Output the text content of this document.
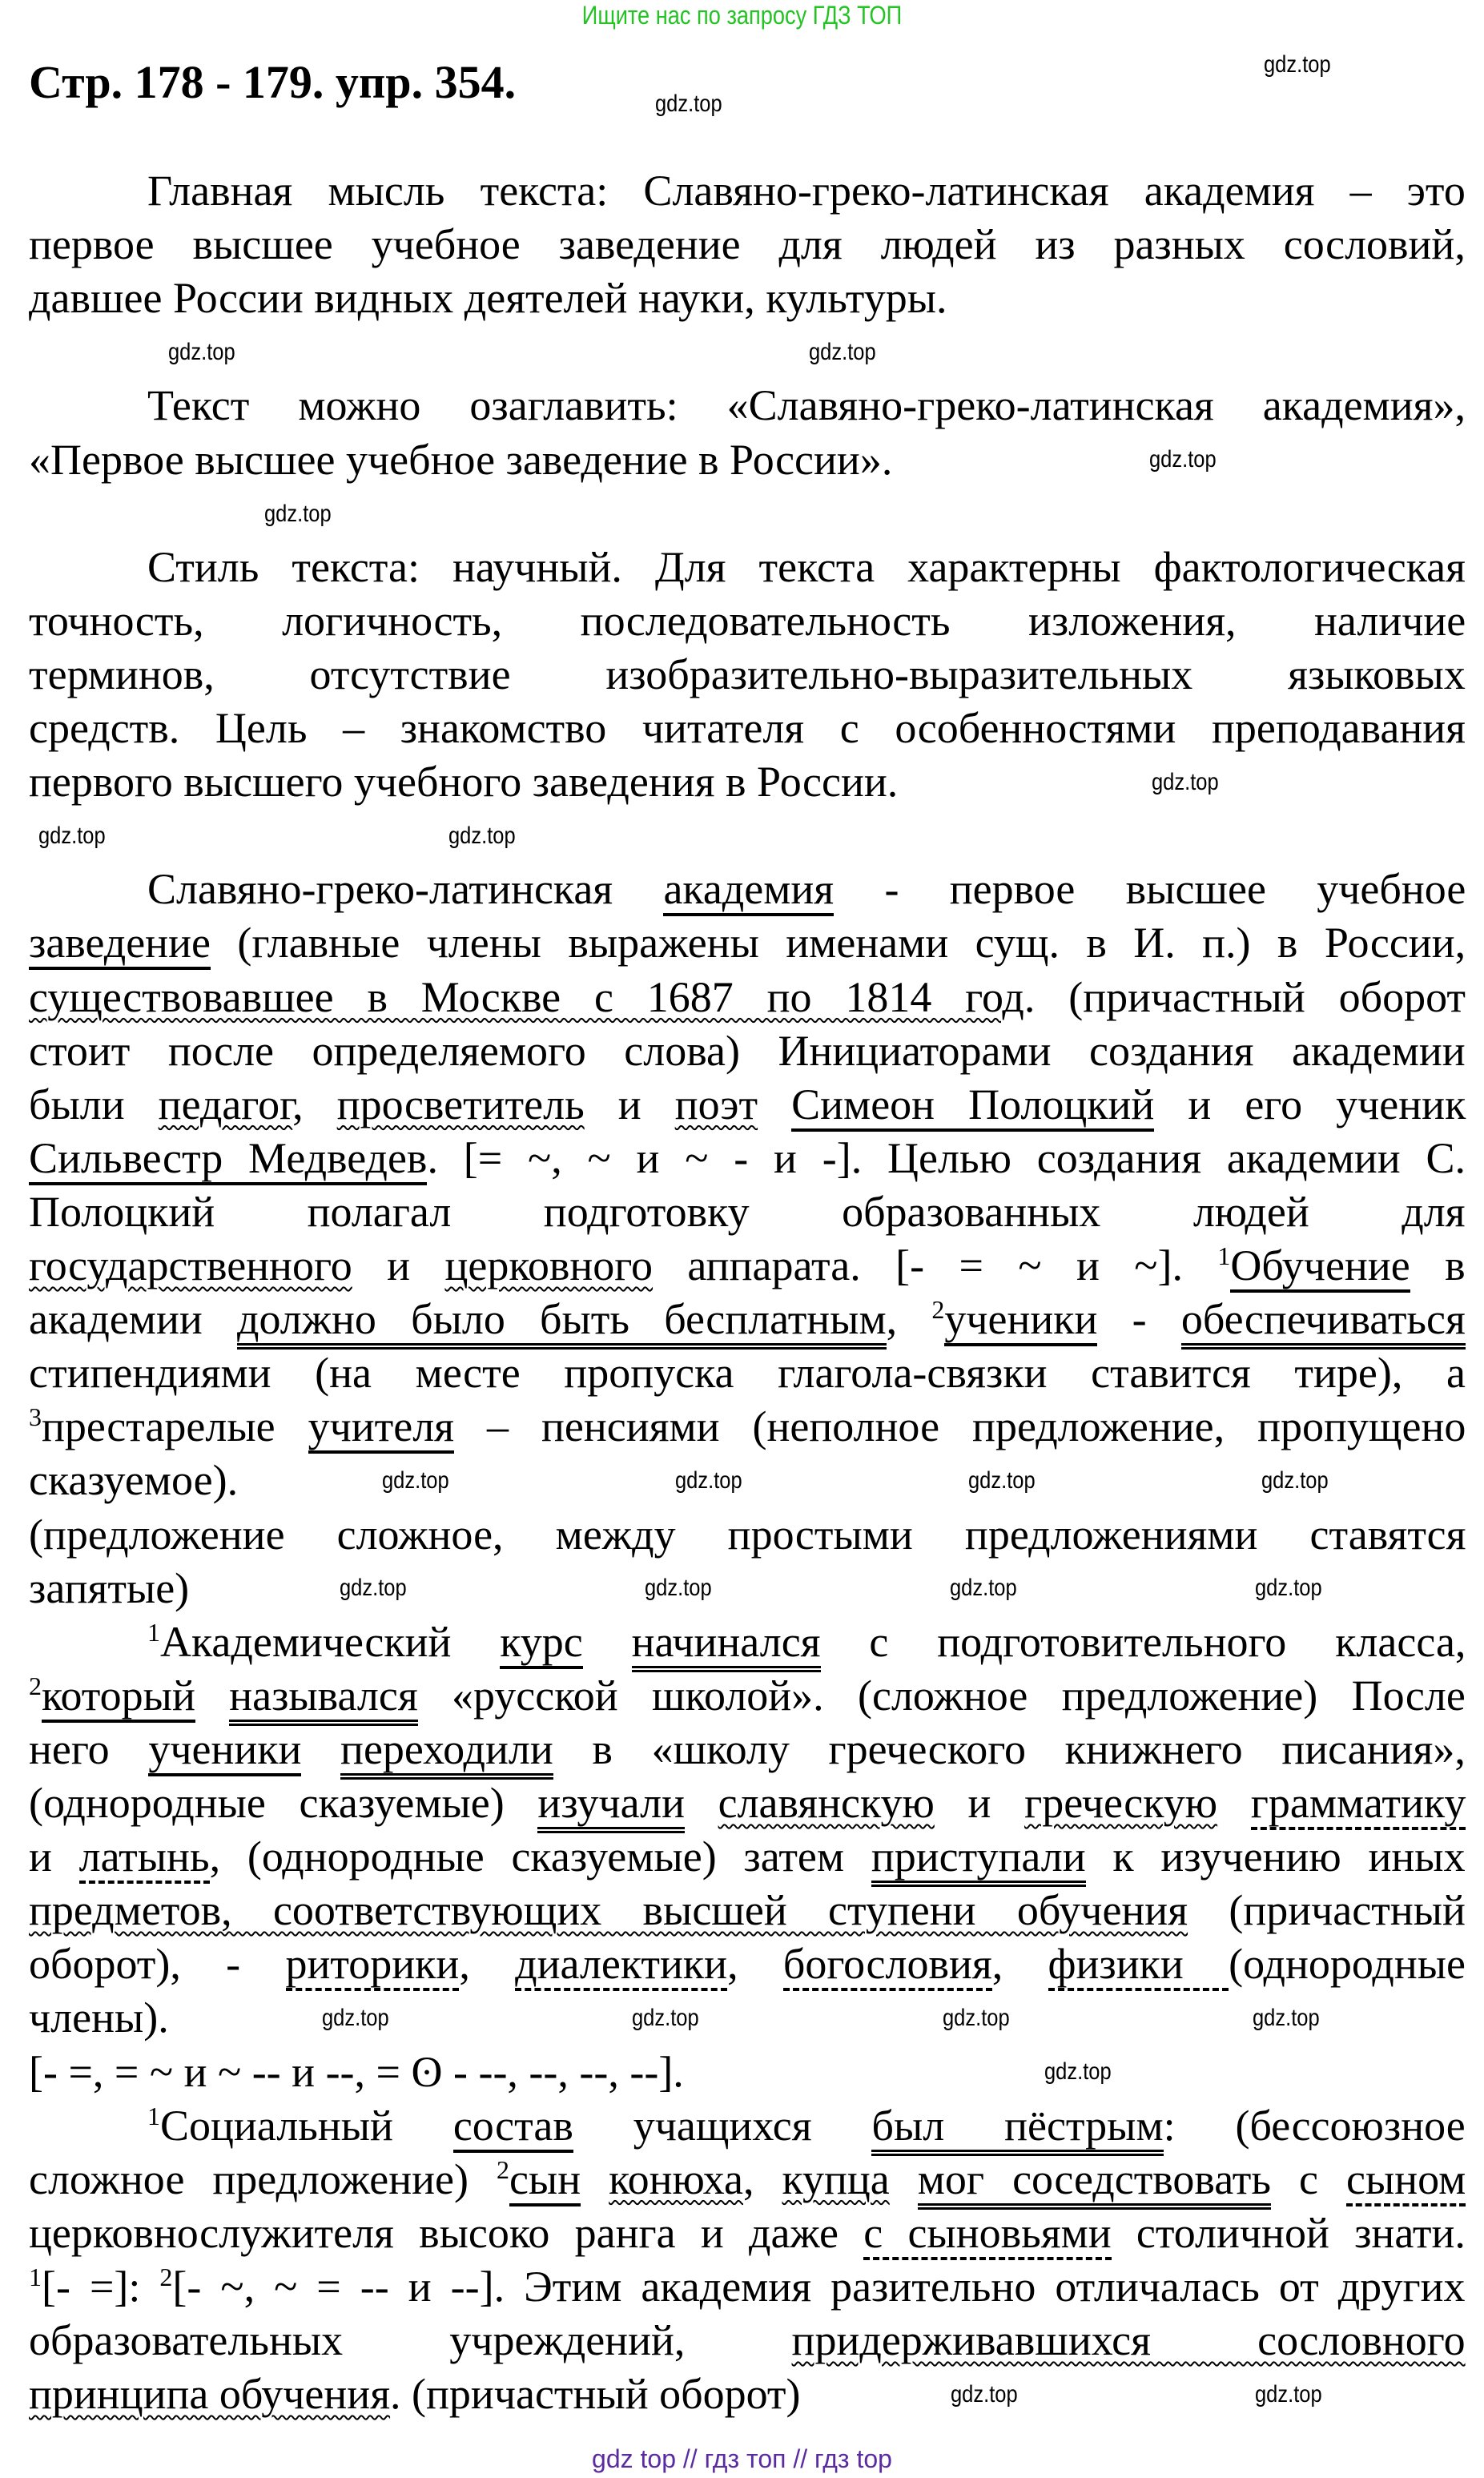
Ищите нас по запросу ГДЗ ТОП
Стр. 178 - 179. упр. 354.
Главная мысль текста: Славяно-греко-латинская академия – это
первое высшее учебное заведение для людей из разных сословий,
давшее России видных деятелей науки, культуры.
Текст можно озаглавить: «Славяно-греко-латинская академия»,
«Первое высшее учебное заведение в России».
Стиль текста: научный. Для текста характерны фактологическая
точность, логичность, последовательность изложения, наличие
терминов, отсутствие изобразительно-выразительных языковых
средств. Цель – знакомство читателя с особенностями преподавания
первого высшего учебного заведения в России.
Славяно-греко-латинская академия - первое высшее учебное
заведение (главные члены выражены именами сущ. в И. п.) в России,
существовавшее в Москве с 1687 по 1814 год. (причастный оборот
стоит после определяемого слова) Инициаторами создания академии
были педагог, просветитель и поэт Симеон Полоцкий и его ученик
Сильвестр Медведев. [= ~, ~ и ~ - и -]. Целью создания академии С.
Полоцкий полагал подготовку образованных людей для
государственного и церковного аппарата. [- = ~ и ~]. $^1$Обучение в
академии должно было быть бесплатным, $^2$ученики - обеспечиваться
стипендиями (на месте пропуска глагола-связки ставится тире), а
$^3$престарелые учителя – пенсиями (неполное предложение, пропущено
сказуемое).
(предложение сложное, между простыми предложениями ставятся
запятые)
$^1$Академический курс начинался с подготовительного класса,
$^2$который назывался «русской школой». (сложное предложение) После
него ученики переходили в «школу греческого книжнего писания»,
(однородные сказуемые) изучали славянскую и греческую грамматику
и латынь, (однородные сказуемые) затем приступали к изучению иных
предметов, соответствующих высшей ступени обучения (причастный
оборот), - риторики, диалектики, богословия, физики (однородные
члены).
[- =, = ~ и ~ -- и --, = ʘ - --, --, --, --].
$^1$Социальный состав учащихся был пёстрым: (бессоюзное
сложное предложение) $^2$сын конюха, купца мог соседствовать с сыном
церковнослужителя высоко ранга и даже с сыновьями столичной знати.
$^1$[- =]: $^2$[- ~, ~ = -- и --]. Этим академия разительно отличалась от других
образовательных учреждений, придерживавшихся сословного
принципа обучения. (причастный оборот)
gdz.top
gdz.top
gdz.top	gdz.top
gdz.top
gdz.top
gdz.top
gdz.top
gdz.top
gdz.top	gdz.top	gdz.top	gdz.top
gdz.top	gdz.top	gdz.top	gdz.top
gdz.top	gdz.top	gdz.top	gdz.top
gdz.top
gdz.top	gdz.top
gdz top // гдз топ // гдз top
